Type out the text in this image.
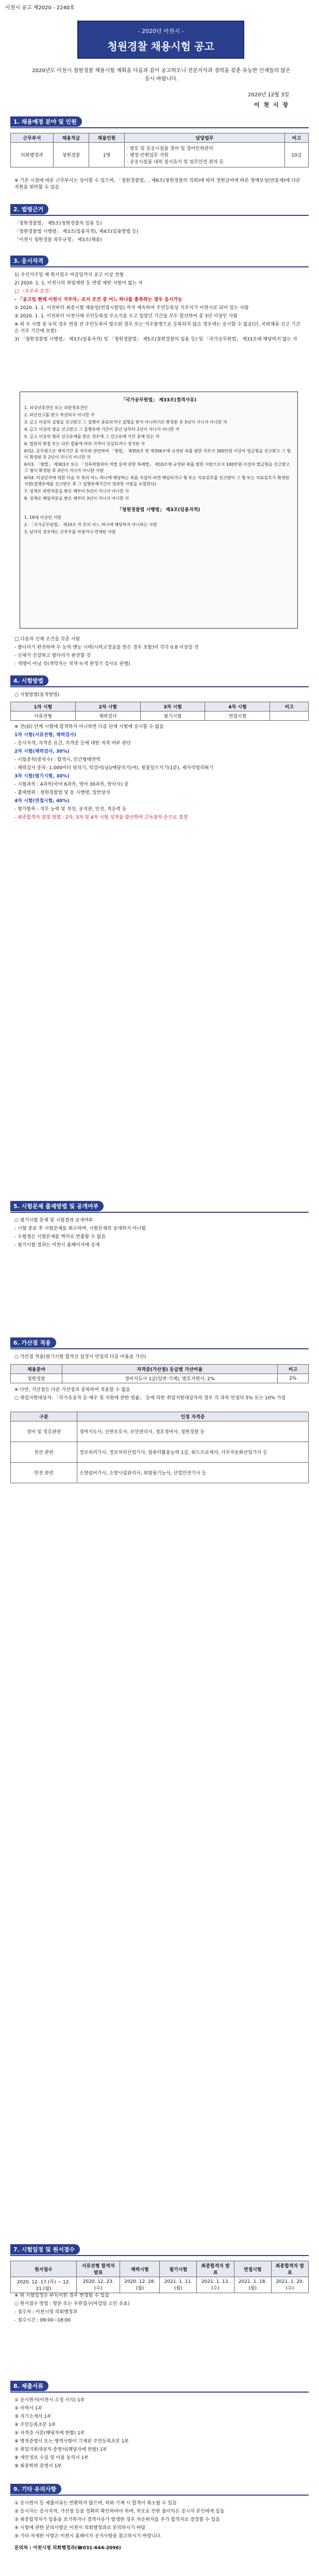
이천시 공고 제2020 - 2240호
- 2020년 이천시 -
청원경찰 채용시험 공고
2020년도 이천시 청원경찰 채용시험 계획을 다음과 같이 공고하오니 전문지식과 경력을 갖춘 유능한 인재들의 많은 응시 바랍니다.
2020년 12월 3일
이 천 시 장
1. 채용예정 분야 및 인원
근무부서	채용직급	채용인원	담당업무	비고
의회행정과	청원경찰	1명	· 방호 및 공공시설물 경비 및 경비인력관리
· 행정·민원업무 지원
· 공공시설물 내의 질서유지 및 업무안전 관리 등	10급
※ 기존 시점에 따른 근무부서는 상이할 수 있으며, 「청원경찰법」, 제6조(청원경찰의 직위)에 따라 정원급여에 따른 영예보상(연봉제)에 다른 직원을 위탁할 수 있음
2. 법령근거

「청원경찰법」 제5조(청원경찰의 임용 등)

「청원경찰법 시행령」 제3조(임용자격), 제4조(임용방법 등)

「이천시 청원경찰 복무규정」 제3조(채용)

3. 응시자격

1) 우선거주일 제 원서접수 마감일까지 공고 이상 전형

2) 2020. 1. 1. 이천시의 취업제한 등 연령 제한 사항이 없는 자

□ 〈우주국 조건〉

- 「공고일 현재 이천시 거주자」로서 조건 중 어느 하나를 충족하는 경우 응시가능

① 2020. 1. 1. 이전부터 최종시험 채용일(면접시험일) 까지 계속하여 주민등록상 거주지가 이천시로 되어 있는 사람

② 2020. 1. 1. 이전부터 이천시에 주민등록상 주소지를 두고 있었던 기간을 모두 합산하여 총 3년 이상인 사람

※ 위 두 사항 중 ①의 경우 면접 전 주민등록이 말소된 경우 또는 거주불명으로 등록되지 않은 경우에는 응시할 수 없음(단, 국외체류 신고 기간은 거주 기간에 포함)

3) 「청원경찰법 시행령」 제3조(임용자격) 및 「청원경찰법」 제5조(청원경찰의 임용 등) 및 「국가공무원법」 제33조에 해당하지 않는 자

「국가공무원법」 제33조(결격사유)

1. 피성년후견인 또는 피한정후견인

2. 파산선고를 받고 복권되지 아니한 자

3. 금고 이상의 실형을 선고받고 그 집행이 종료되거나 집행을 받지 아니하기로 확정된 후 5년이 지나지 아니한 자

4. 금고 이상의 형을 선고받고 그 집행유예 기간이 끝난 날부터 2년이 지나지 아니한 자

5. 금고 이상의 형의 선고유예를 받은 경우에 그 선고유예 기간 중에 있는 자

6. 법원의 판결 또는 다른 법률에 따라 자격이 상실되거나 정지된 자

6의2. 공무원으로 재직기간 중 직무와 관련하여 「형법」 제355조 및 제356조에 규정된 죄를 범한 자로서 300만원 이상의 벌금형을 선고받고 그 형이 확정된 후 2년이 지나지 아니한 자

6의3. 「형법」 제303조 또는 「성폭력범죄의 처벌 등에 관한 특례법」 제10조에 규정된 죄를 범한 사람으로서 100만원 이상의 벌금형을 선고받고 그 형이 확정된 후 3년이 지나지 아니한 사람

6의4. 미성년자에 대한 다음 각 목의 어느 하나에 해당하는 죄를 저질러 파면·해임되거나 형 또는 치료감호를 선고받아 그 형 또는 치료감호가 확정된 사람(집행유예를 선고받은 후 그 집행유예기간이 경과한 사람을 포함한다)

7. 징계로 파면처분을 받은 때부터 5년이 지나지 아니한 자

8. 징계로 해임처분을 받은 때부터 3년이 지나지 아니한 자

「청원경찰법 시행령」 제3조(임용자격)

1. 18세 이상인 사람

2. 「국가공무원법」 제33조 각 호의 어느 하나에 해당하지 아니하는 사람

3. 남자의 경우에는 군복무를 마쳤거나 면제된 사람

□ 다음의 신체 조건을 갖춘 사람

- 팔다리가 완전하며 두 눈의 맨눈 시력(시력교정술을 받은 경우 포함)이 각각 0.8 이상일 것

- 신체가 건강하고 팔다리가 완전할 것

- 색맹이 아닐 것(색약자는 적색·녹색 판정기 검사로 판별)

4. 시험방법
○ 시험방법(용적방법)
1차 시험	2차 시험	3차 시험	4차 시험	비고
서류전형	체력검사	필기시험	면접시험	

※ 전(前) 단계 시험에 합격하지 아니하면 다음 단계 시험에 응시할 수 없음

1차 시험(서류전형, 체력검사)

- 응시자격, 자격증 요건, 자격증 등에 대한 적격 여부 판단

2차 시험(체력검사, 30%)

- 시험종목(종목수) : 합격시, 인간형태연역

- 체력검사 종목: 1,000미터 달리기, 턱걸이(남)/매달리기(여), 윗몸일으키기(1분), 제자리멀리뛰기

3차 시험(필기시험, 30%)

- 시험과목 : 4과목(국어 6과목, 영어 30과목, 한국사) 중

- 출제범위 : 청원경찰법 및 동 시행령, 일반상식

4차 시험(면접시험, 40%)

- 평가항목 : 직무 능력 및 적성, 공직관, 인성, 적응력 등

- 최종합격자 결정 방법 : 2차, 3차 및 4차 시험 성적을 합산하여 고득점자 순으로 결정

5. 시험문제 출제방법 및 공개여부

○ 필기시험 문제 및 시험결과 공개여부

- 시험 종료 후 시험문제를 회수하며, 시험문제의 공개하지 아니함

- 수험생은 시험문제를 책자로 반출할 수 없음

- 필기시험 결과는 이천시 홈페이지에 공개

6. 가산점 적용
○ 가산점 적용(필기시험 합격선 설정시 만점의 다음 비율을 가산)
채용분야	자격증(가산점) 등급별 가산비율	비고
청원경찰	경비지도사 1급(일반·기계), 방호지원사, 2%	2%

※ 다만, 가산점은 다른 가산점과 중복하여 적용할 수 없음

○ 취업지원대상자: 「국가유공자 등 예우 및 지원에 관한 법률」 등에 의한 취업지원대상자의 경우 각 과목 만점의 5% 또는 10% 가점

구분	인정 자격증
경비 및 경호관련	경비지도사, 신변보호사, 보안관리사, 경호경비사, 청원경찰 등
전산 관련	정보처리기사, 정보처리산업기사, 컴퓨터활용능력 1급, 워드프로세서, 사무자동화산업기사 등
안전 관련	소방설비기사, 소방시설관리사, 위험물기능사, 산업안전기사 등
7. 시험일정 및 원서접수
원서접수	서류전형 합격자 발표	체력시험	필기시험	최종합격자 발표	면접시험	최종합격자 발표
2020. 12. 17.(목) ~ 12. 21.(월)	2020. 12. 23.(수)	2020. 12. 28.(월)	2021. 1. 11.(월)	2021. 1. 13.(수)	2021. 1. 18.(월)	2021. 1. 20.(수)

※ 위 시험일정은 부득이한 경우 변경될 수 있음

○ 원서접수 방법 : 방문 또는 우편접수(마감일 소인 유효)

- 접수처 : 이천시청 의회행정과

- 접수시간 : 09:00~18:00

8. 제출서류

① 응시원서(이천시 소정 서식) 1부

② 이력서 1부

③ 자기소개서 1부

④ 주민등록초본 1부

⑤ 자격증 사본(해당자에 한함) 1부

⑥ 병적증명서 또는 병역사항이 기재된 주민등록초본 1부

⑦ 취업지원대상자 증명서(해당자에 한함) 1부

⑧ 개인정보 수집 및 이용 동의서 1부

⑨ 최종학력 증명서 1부

9. 기타 유의사항

① 응시원서 등 제출서류는 반환하지 않으며, 허위 기재 시 합격이 취소될 수 있음

② 응시자는 응시자격, 가산점 등을 정확히 확인하여야 하며, 착오로 인한 불이익은 응시자 본인에게 있음

③ 최종합격자가 임용을 포기하거나 결격사유가 발생한 경우 차순위자를 추가 합격자로 결정할 수 있음

④ 시험에 관한 문의사항은 이천시 의회행정과로 문의하시기 바람

⑤ 기타 자세한 사항은 이천시 홈페이지 공지사항을 참고하시기 바랍니다.

문의처 : 이천시청 의회행정과(☎031-644-2096)
